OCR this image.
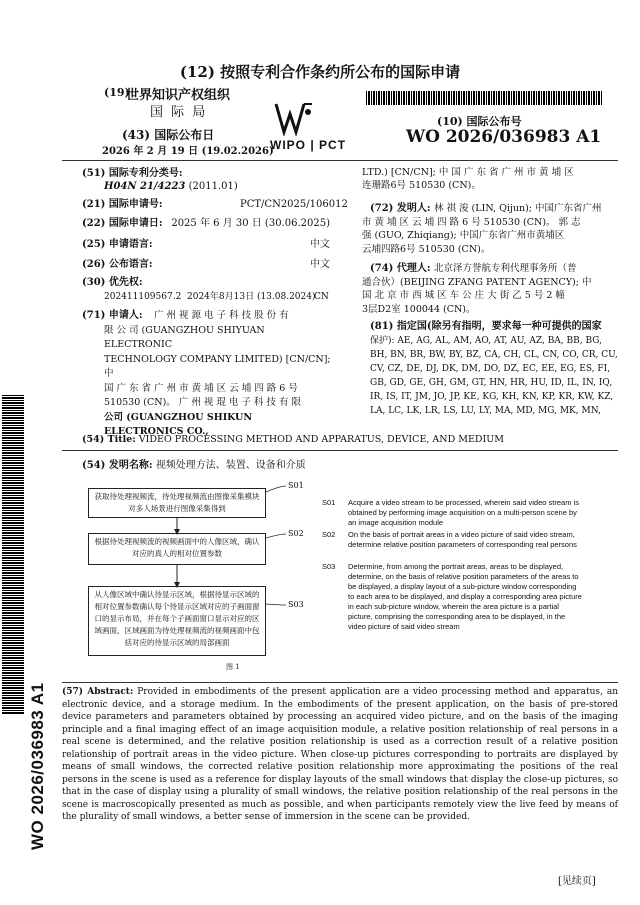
(12) 按照专利合作条约所公布的国际申请
(19)
世界知识产权组织
国 际 局
(43) 国际公布日
2026 年 2 月 19 日 (19.02.2026)
WIPO | PCT
(10) 国际公布号
WO 2026/036983 A1
(51) 国际专利分类号:
H04N 21/4223 (2011.01)
(21) 国际申请号:	PCT/CN2025/106012
(22) 国际申请日: 2025 年 6 月 30 日 (30.06.2025)
(25) 申请语言:	中文
(26) 公布语言:	中文
(30) 优先权:
202411109567.2 2024年8月13日 (13.08.2024)
CN
(71) 申请人:	广 州 视 源 电 子 科 技 股 份 有
限 公 司 (GUANGZHOU SHIYUAN ELECTRONIC
TECHNOLOGY COMPANY LIMITED) [CN/CN]; 中
国 广 东 省 广 州 市 黄 埔 区 云 埔 四 路 6 号
510530 (CN)。 广 州 视 琨 电 子 科 技 有 限
公司 (GUANGZHOU SHIKUN ELECTRONICS CO.,
LTD.) [CN/CN]; 中 国 广 东 省 广 州 市 黄 埔 区
连珊路6号 510530 (CN)。
(72) 发明人: 林 祺 浚 (LIN, Qijun); 中国广东省广州
市 黄 埔 区 云 埔 四 路 6 号 510530 (CN)。 郭 志
强 (GUO, Zhiqiang); 中国广东省广州市黄埔区
云埔四路6号 510530 (CN)。
(74) 代理人: 北京泽方誉航专利代理事务所（普
通合伙）(BEIJING ZFANG PATENT AGENCY); 中
国 北 京 市 西 城 区 车 公 庄 大 街 乙 5 号 2 幢
3层D2室 100044 (CN)。
(81) 指定国(除另有指明，要求每一种可提供的国家
保护): AE, AG, AL, AM, AO, AT, AU, AZ, BA, BB, BG,
BH, BN, BR, BW, BY, BZ, CA, CH, CL, CN, CO, CR, CU,
CV, CZ, DE, DJ, DK, DM, DO, DZ, EC, EE, EG, ES, FI,
GB, GD, GE, GH, GM, GT, HN, HR, HU, ID, IL, IN, IQ,
IR, IS, IT, JM, JO, JP, KE, KG, KH, KN, KP, KR, KW, KZ,
LA, LC, LK, LR, LS, LU, LY, MA, MD, MG, MK, MN,
WO 2026/036983 A1
(54) Title: VIDEO PROCESSING METHOD AND APPARATUS, DEVICE, AND MEDIUM
(54) 发明名称: 视频处理方法、装置、设备和介质
获取待处理视频流，待处理视频流由图像采集模块对多人场景进行图像采集得到
根据待处理视频流的视频画面中的人像区域，确认对应的真人的相对位置参数
从人像区域中确认待显示区域，根据待显示区域的相对位置参数确认每个待显示区域对应的子画面窗口的显示布局，并在每个子画面窗口显示对应的区域画面，区域画面为待处理视频流的视频画面中包括对应的待显示区域的局部画面
S01
S02
S03
图 1
S01 Acquire a video stream to be processed, wherein said video stream is obtained by performing image acquisition on a multi-person scene by an image acquisition module
S02 On the basis of portrait areas in a video picture of said video stream, determine relative position parameters of corresponding real persons
S03 Determine, from among the portrait areas, areas to be displayed, determine, on the basis of relative position parameters of the areas to be displayed, a display layout of a sub-picture window corresponding to each area to be displayed, and display a corresponding area picture in each sub-picture window, wherein the area picture is a partial picture, comprising the corresponding area to be displayed, in the video picture of said video stream
(57) Abstract: Provided in embodiments of the present application are a video processing method and apparatus, an electronic device, and a storage medium. In the embodiments of the present application, on the basis of pre-stored device parameters and parameters obtained by processing an acquired video picture, and on the basis of the imaging principle and a final imaging effect of an image acquisition module, a relative position relationship of real persons in a real scene is determined, and the relative position relationship is used as a correction result of a relative position relationship of portrait areas in the video picture. When close-up pictures corresponding to portraits are displayed by means of small windows, the corrected relative position relationship more approximating the positions of the real persons in the scene is used as a reference for display layouts of the small windows that display the close-up pictures, so that in the case of display using a plurality of small windows, the relative position relationship of the real persons in the scene is macroscopically presented as much as possible, and when participants remotely view the live feed by means of the plurality of small windows, a better sense of immersion in the scene can be provided.
[见续页]
